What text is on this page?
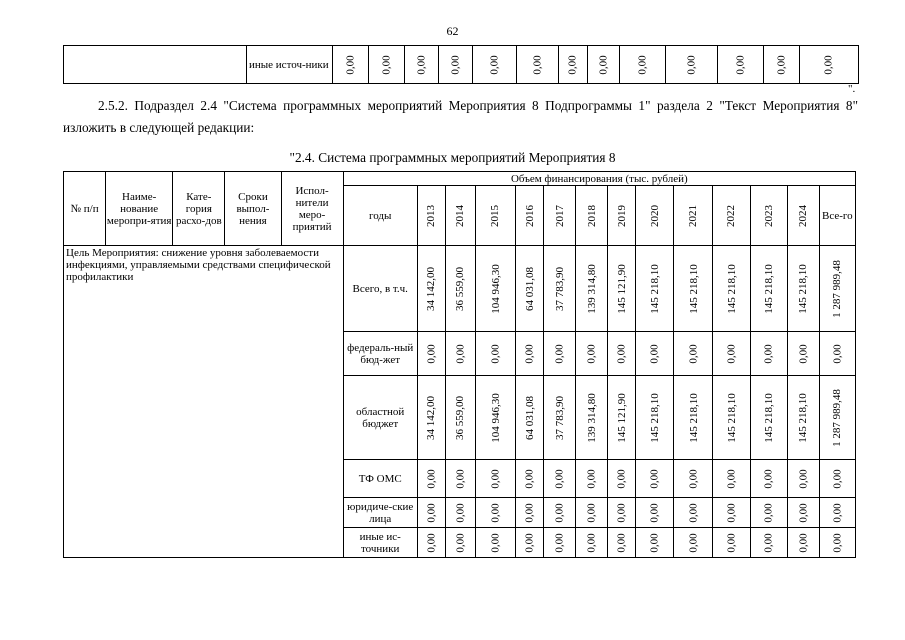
62
	иные источ-ники	0,00	0,00	0,00	0,00	0,00	0,00	0,00	0,00	0,00	0,00	0,00	0,00	0,00
".
2.5.2. Подраздел 2.4 "Система программных мероприятий Мероприятия 8 Подпрограммы 1" раздела 2 "Текст Мероприятия 8" изложить в следующей редакции:
"2.4. Система программных мероприятий Мероприятия 8
№ п/п	Наиме-нование меропри-ятия	Кате-гория расхо-дов	Сроки выпол-нения	Испол-нители меро-приятий	Объем финансирования (тыс. рублей)													
					годы	2013	2014	2015	2016	2017	2018	2019	2020	2021	2022	2023	2024	Все-го
Цель Мероприятия: снижение уровня заболеваемости инфекциями, управляемыми средствами специфической профилактики					Всего, в т.ч.	34 142,00	36 559,00	104 946,30	64 031,08	37 783,90	139 314,80	145 121,90	145 218,10	145 218,10	145 218,10	145 218,10	145 218,10	1 287 989,48

					федераль-ный бюд-жет	0,00	0,00	0,00	0,00	0,00	0,00	0,00	0,00	0,00	0,00	0,00	0,00	0,00

					областной бюджет	34 142,00	36 559,00	104 946,30	64 031,08	37 783,90	139 314,80	145 121,90	145 218,10	145 218,10	145 218,10	145 218,10	145 218,10	1 287 989,48

					ТФ ОМС	0,00	0,00	0,00	0,00	0,00	0,00	0,00	0,00	0,00	0,00	0,00	0,00	0,00

					юридиче-ские лица	0,00	0,00	0,00	0,00	0,00	0,00	0,00	0,00	0,00	0,00	0,00	0,00	0,00

					иные ис-точники	0,00	0,00	0,00	0,00	0,00	0,00	0,00	0,00	0,00	0,00	0,00	0,00	0,00
